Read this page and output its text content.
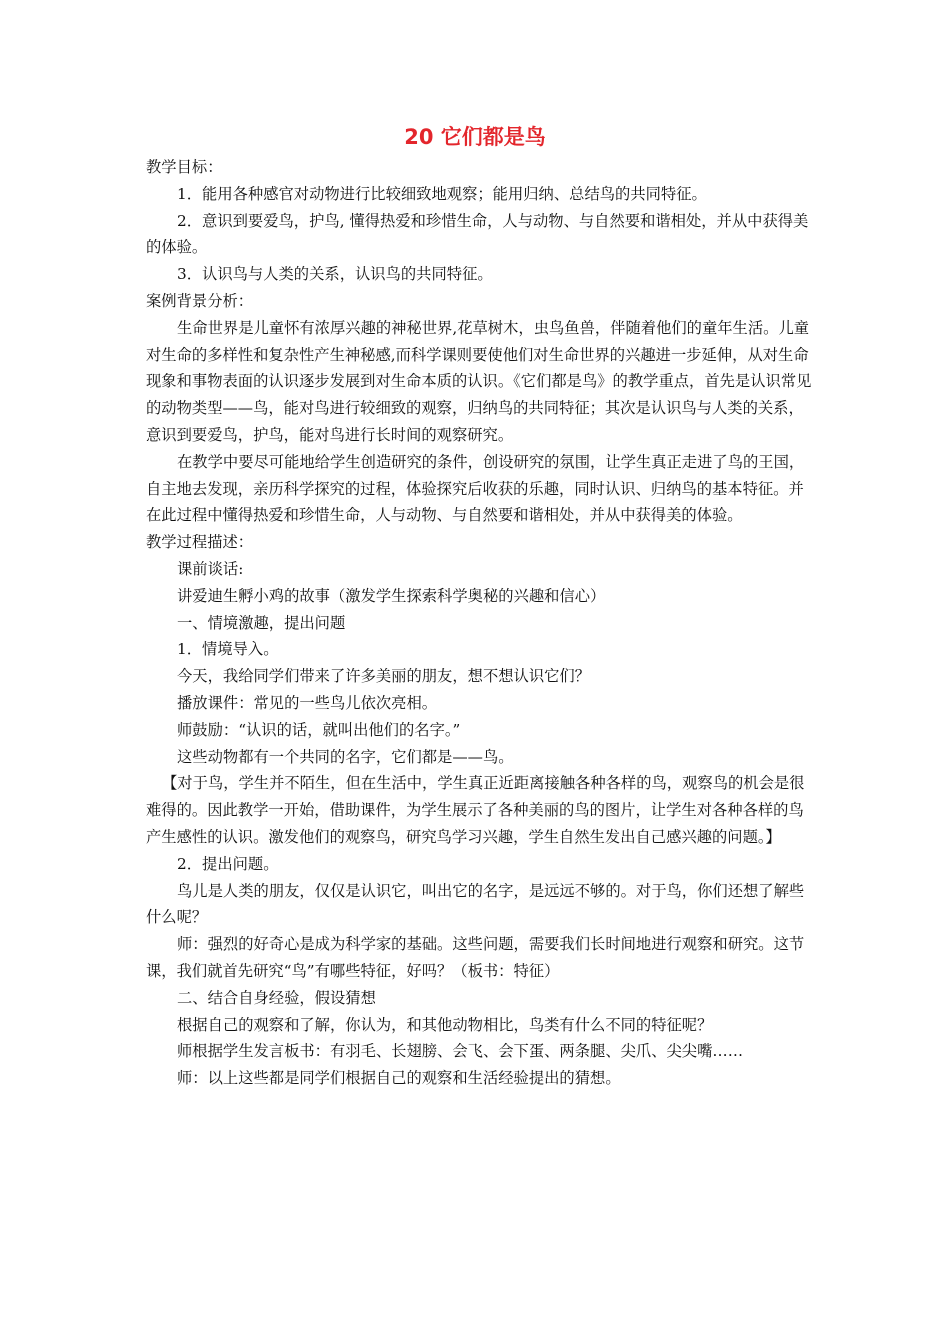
20 它们都是鸟

教学目标：

1．能用各种感官对动物进行比较细致地观察；能用归纳、总结鸟的共同特征。

2．意识到要爱鸟，护鸟, 懂得热爱和珍惜生命，人与动物、与自然要和谐相处，并从中获得美的体验。

3．认识鸟与人类的关系，认识鸟的共同特征。

案例背景分析：

生命世界是儿童怀有浓厚兴趣的神秘世界,花草树木，虫鸟鱼兽，伴随着他们的童年生活。儿童对生命的多样性和复杂性产生神秘感,而科学课则要使他们对生命世界的兴趣进一步延伸，从对生命现象和事物表面的认识逐步发展到对生命本质的认识。《它们都是鸟》的教学重点，首先是认识常见的动物类型——鸟，能对鸟进行较细致的观察，归纳鸟的共同特征；其次是认识鸟与人类的关系，意识到要爱鸟，护鸟，能对鸟进行长时间的观察研究。

在教学中要尽可能地给学生创造研究的条件，创设研究的氛围，让学生真正走进了鸟的王国，自主地去发现，亲历科学探究的过程，体验探究后收获的乐趣，同时认识、归纳鸟的基本特征。并在此过程中懂得热爱和珍惜生命，人与动物、与自然要和谐相处，并从中获得美的体验。

教学过程描述：

课前谈话:

讲爱迪生孵小鸡的故事（激发学生探索科学奥秘的兴趣和信心）

一、情境激趣，提出问题

1．情境导入。

今天，我给同学们带来了许多美丽的朋友，想不想认识它们？

播放课件：常见的一些鸟儿依次亮相。

师鼓励：“认识的话，就叫出他们的名字。”

这些动物都有一个共同的名字，它们都是——鸟。

【对于鸟，学生并不陌生，但在生活中，学生真正近距离接触各种各样的鸟，观察鸟的机会是很难得的。因此教学一开始，借助课件，为学生展示了各种美丽的鸟的图片，让学生对各种各样的鸟产生感性的认识。激发他们的观察鸟，研究鸟学习兴趣，学生自然生发出自己感兴趣的问题。】

2．提出问题。

鸟儿是人类的朋友，仅仅是认识它，叫出它的名字，是远远不够的。对于鸟，你们还想了解些什么呢？

师：强烈的好奇心是成为科学家的基础。这些问题，需要我们长时间地进行观察和研究。这节课，我们就首先研究“鸟”有哪些特征，好吗？（板书：特征）

二、结合自身经验，假设猜想

根据自己的观察和了解，你认为，和其他动物相比，鸟类有什么不同的特征呢？

师根据学生发言板书：有羽毛、长翅膀、会飞、会下蛋、两条腿、尖爪、尖尖嘴……

师：以上这些都是同学们根据自己的观察和生活经验提出的猜想。
